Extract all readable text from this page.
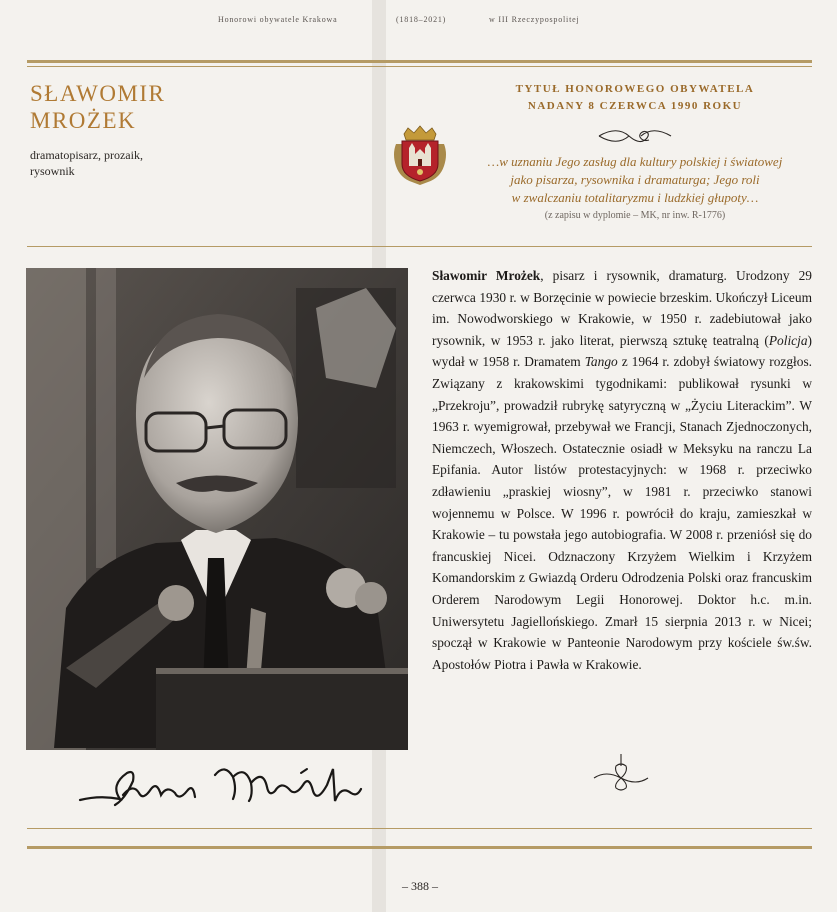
Honorowi obywatele Krakowa	(1818–2021)	w III Rzeczypospolitej
SŁAWOMIR
MROŻEK
dramatopisarz, prozaik,
rysownik
TYTUŁ HONOROWEGO OBYWATELA
NADANY 8 CZERWCA 1990 ROKU
…w uznaniu Jego zasług dla kultury polskiej i światowej
jako pisarza, rysownika i dramaturga; Jego roli
w zwalczaniu totalitaryzmu i ludzkiej głupoty…
(z zapisu w dyplomie – MK, nr inw. R-1776)
Sławomir Mrożek, pisarz i rysownik, dramaturg. Urodzony 29 czerwca 1930 r. w Borzęcinie w powiecie brzeskim. Ukończył Liceum im. Nowodworskiego w Krakowie, w 1950 r. zadebiutował jako rysownik, w 1953 r. jako literat, pierwszą sztukę teatralną (Policja) wydał w 1958 r. Dramatem Tango z 1964 r. zdobył światowy rozgłos. Związany z krakowskimi tygodnikami: publikował rysunki w „Przekroju”, prowadził rubrykę satyryczną w „Życiu Literackim”. W 1963 r. wyemigrował, przebywał we Francji, Stanach Zjednoczonych, Niemczech, Włoszech. Ostatecznie osiadł w Meksyku na ranczu La Epifania. Autor listów protestacyjnych: w 1968 r. przeciwko zdławieniu „praskiej wiosny”, w 1981 r. przeciwko stanowi wojennemu w Polsce. W 1996 r. powrócił do kraju, zamieszkał w Krakowie – tu powstała jego autobiografia. W 2008 r. przeniósł się do francuskiej Nicei. Odznaczony Krzyżem Wielkim i Krzyżem Komandorskim z Gwiazdą Orderu Odrodzenia Polski oraz francuskim Orderem Narodowym Legii Honorowej. Doktor h.c. m.in. Uniwersytetu Jagiellońskiego. Zmarł 15 sierpnia 2013 r. w Nicei; spoczął w Krakowie w Panteonie Narodowym przy kościele św.św. Apostołów Piotra i Pawła w Krakowie.
– 388 –
